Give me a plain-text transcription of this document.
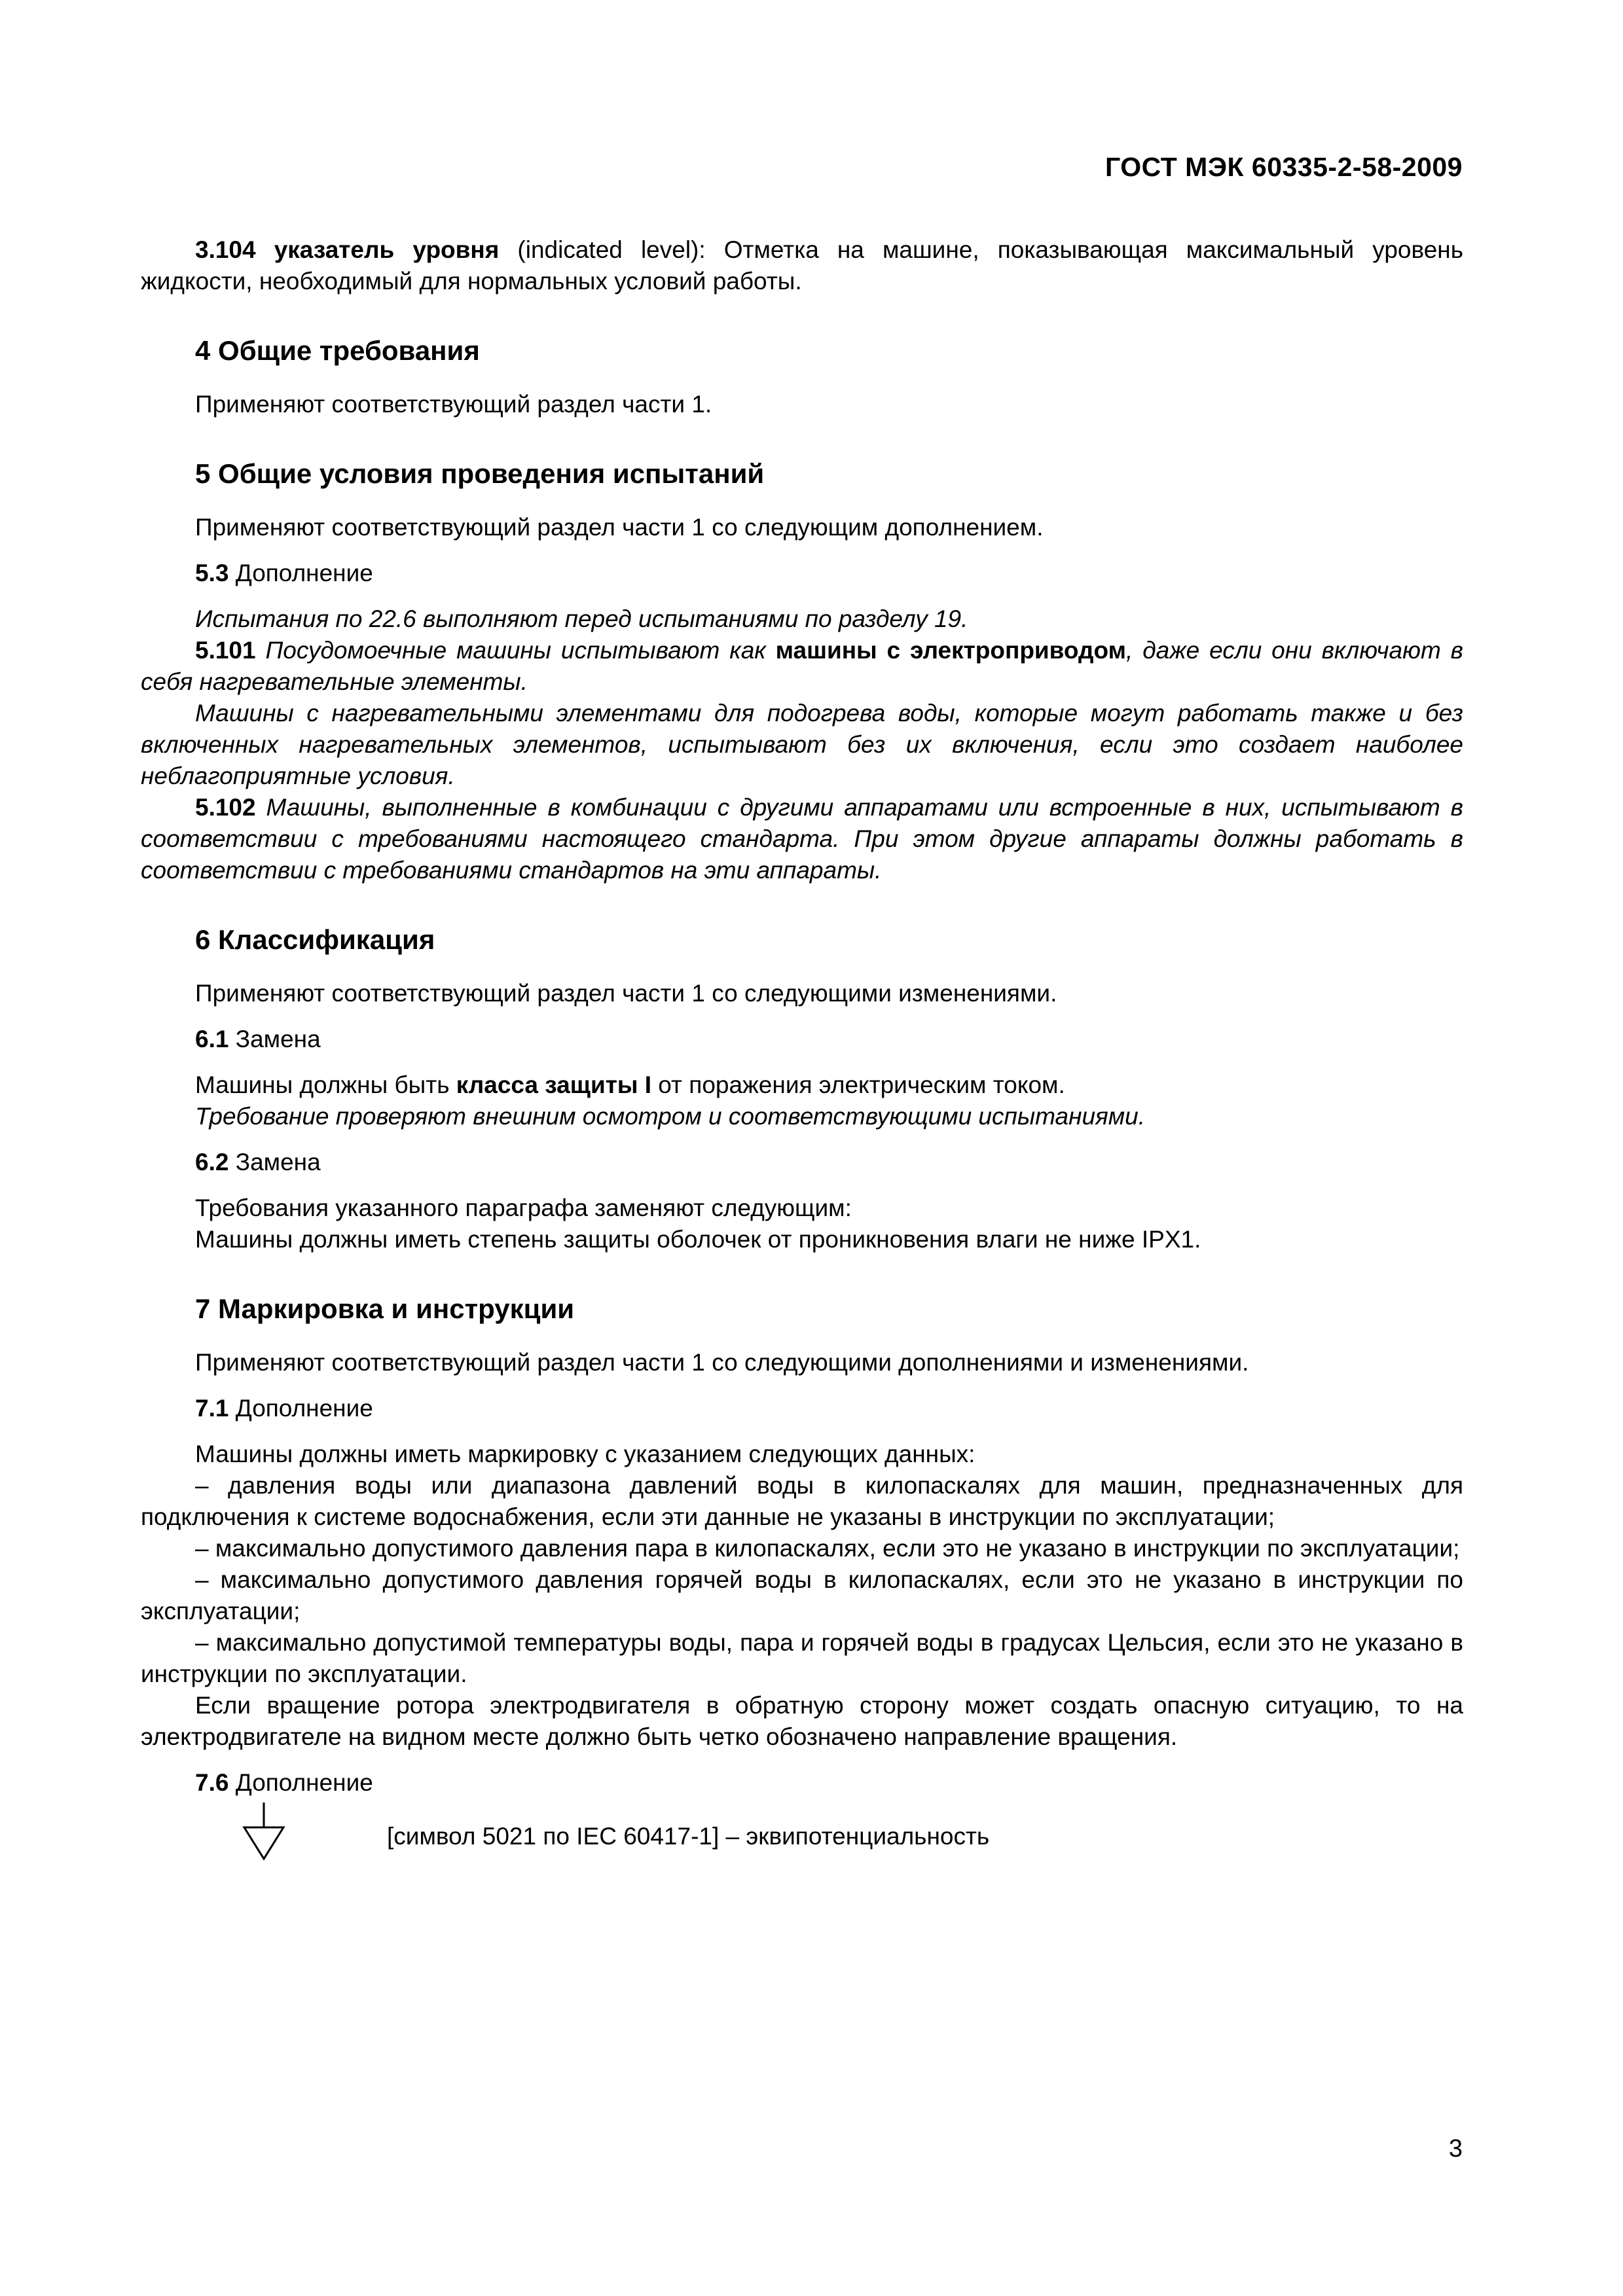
ГОСТ МЭК 60335-2-58-2009

3.104 указатель уровня (indicated level): Отметка на машине, показывающая максимальный уровень жидкости, необходимый для нормальных условий работы.

4 Общие требования

Применяют соответствующий раздел части 1.

5 Общие условия проведения испытаний

Применяют соответствующий раздел части 1 со следующим дополнением.

5.3 Дополнение

Испытания по 22.6 выполняют перед испытаниями по разделу 19.

5.101 Посудомоечные машины испытывают как машины с электроприводом, даже если они включают в себя нагревательные элементы.

Машины с нагревательными элементами для подогрева воды, которые могут работать также и без включенных нагревательных элементов, испытывают без их включения, если это создает наиболее неблагоприятные условия.

5.102 Машины, выполненные в комбинации с другими аппаратами или встроенные в них, испытывают в соответствии с требованиями настоящего стандарта. При этом другие аппараты должны работать в соответствии с требованиями стандартов на эти аппараты.

6 Классификация

Применяют соответствующий раздел части 1 со следующими изменениями.

6.1 Замена

Машины должны быть класса защиты I от поражения электрическим током.

Требование проверяют внешним осмотром и соответствующими испытаниями.

6.2 Замена

Требования указанного параграфа заменяют следующим:

Машины должны иметь степень защиты оболочек от проникновения влаги не ниже IPX1.

7 Маркировка и инструкции

Применяют соответствующий раздел части 1 со следующими дополнениями и изменениями.

7.1 Дополнение

Машины должны иметь маркировку с указанием следующих данных:

– давления воды или диапазона давлений воды в килопаскалях для машин, предназначенных для подключения к системе водоснабжения, если эти данные не указаны в инструкции по эксплуатации;

– максимально допустимого давления пара в килопаскалях, если это не указано в инструкции по эксплуатации;

– максимально допустимого давления горячей воды в килопаскалях, если это не указано в инструкции по эксплуатации;

– максимально допустимой температуры воды, пара и горячей воды в градусах Цельсия, если это не указано в инструкции по эксплуатации.

Если вращение ротора электродвигателя в обратную сторону может создать опасную ситуацию, то на электродвигателе на видном месте должно быть четко обозначено направление вращения.

7.6 Дополнение

[символ 5021 по IEC 60417-1] – эквипотенциальность
3
